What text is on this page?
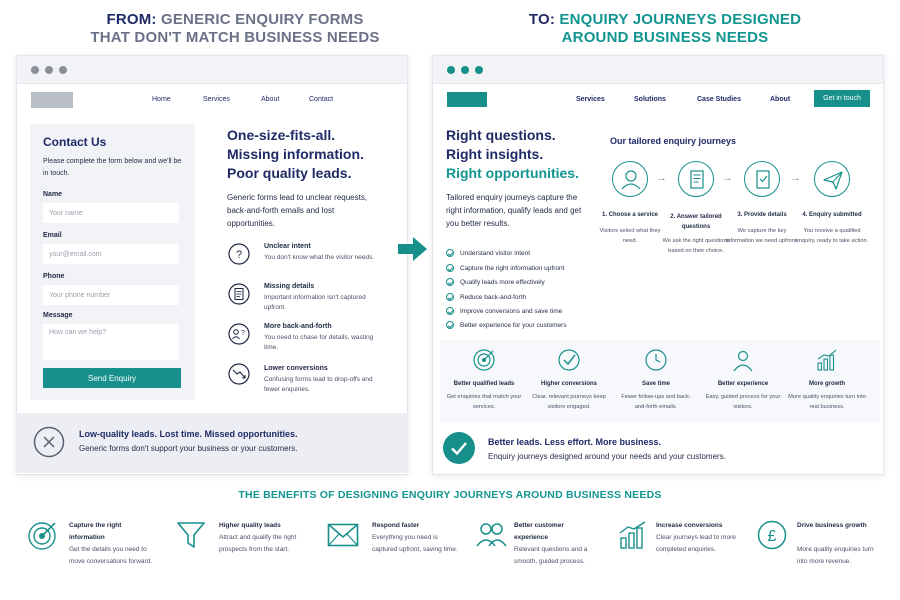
FROM: GENERIC ENQUIRY FORMS
THAT DON'T MATCH BUSINESS NEEDS
TO: ENQUIRY JOURNEYS DESIGNED
AROUND BUSINESS NEEDS
Home	Services	About	Contact
Contact Us
Please complete the form below and we'll be in touch.
Name
Your name
Email
your@email.com
Phone
Your phone number
Message
How can we help?
Send Enquiry
One-size-fits-all.
Missing information.
Poor quality leads.
Generic forms lead to unclear requests, back-and-forth emails and lost opportunities.
?
Unclear intent
You don't know what the visitor needs.
Missing details
Important information isn't captured upfront.
?
More back-and-forth
You need to chase for details, wasting time.
Lower conversions
Confusing forms lead to drop-offs and fewer enquiries.
Low-quality leads. Lost time. Missed opportunities.
Generic forms don't support your business or your customers.
Services	Solutions	Case Studies	About	Get in touch
Right questions.
Right insights.
Right opportunities.
Tailored enquiry journeys capture the right information, qualify leads and get you better results.
Understand visitor intent
Capture the right information upfront
Qualify leads more effectively
Reduce back-and-forth
Improve conversions and save time
Better experience for your customers
Our tailored enquiry journeys
→	→	→
1. Choose a service
Visitors select what they need.
2. Answer tailored questions
We ask the right questions based on their choice.
3. Provide details
We capture the key information we need upfront.
4. Enquiry submitted
You receive a qualified enquiry, ready to take action.
Better qualified leads
Get enquiries that match your services.
Higher conversions
Clear, relevant journeys keep visitors engaged.
Save time
Fewer follow-ups and back-and-forth emails.
Better experience
Easy, guided process for your visitors.
More growth
More quality enquiries turn into real business.
Better leads. Less effort. More business.
Enquiry journeys designed around your needs and your customers.
THE BENEFITS OF DESIGNING ENQUIRY JOURNEYS AROUND BUSINESS NEEDS
Capture the right information
Get the details you need to move conversations forward.
Higher quality leads
Attract and qualify the right prospects from the start.
Respond faster
Everything you need is captured upfront, saving time.
Better customer experience
Relevant questions and a smooth, guided process.
Increase conversions
Clear journeys lead to more completed enquiries.
£
Drive business growth
More quality enquiries turn into more revenue.
